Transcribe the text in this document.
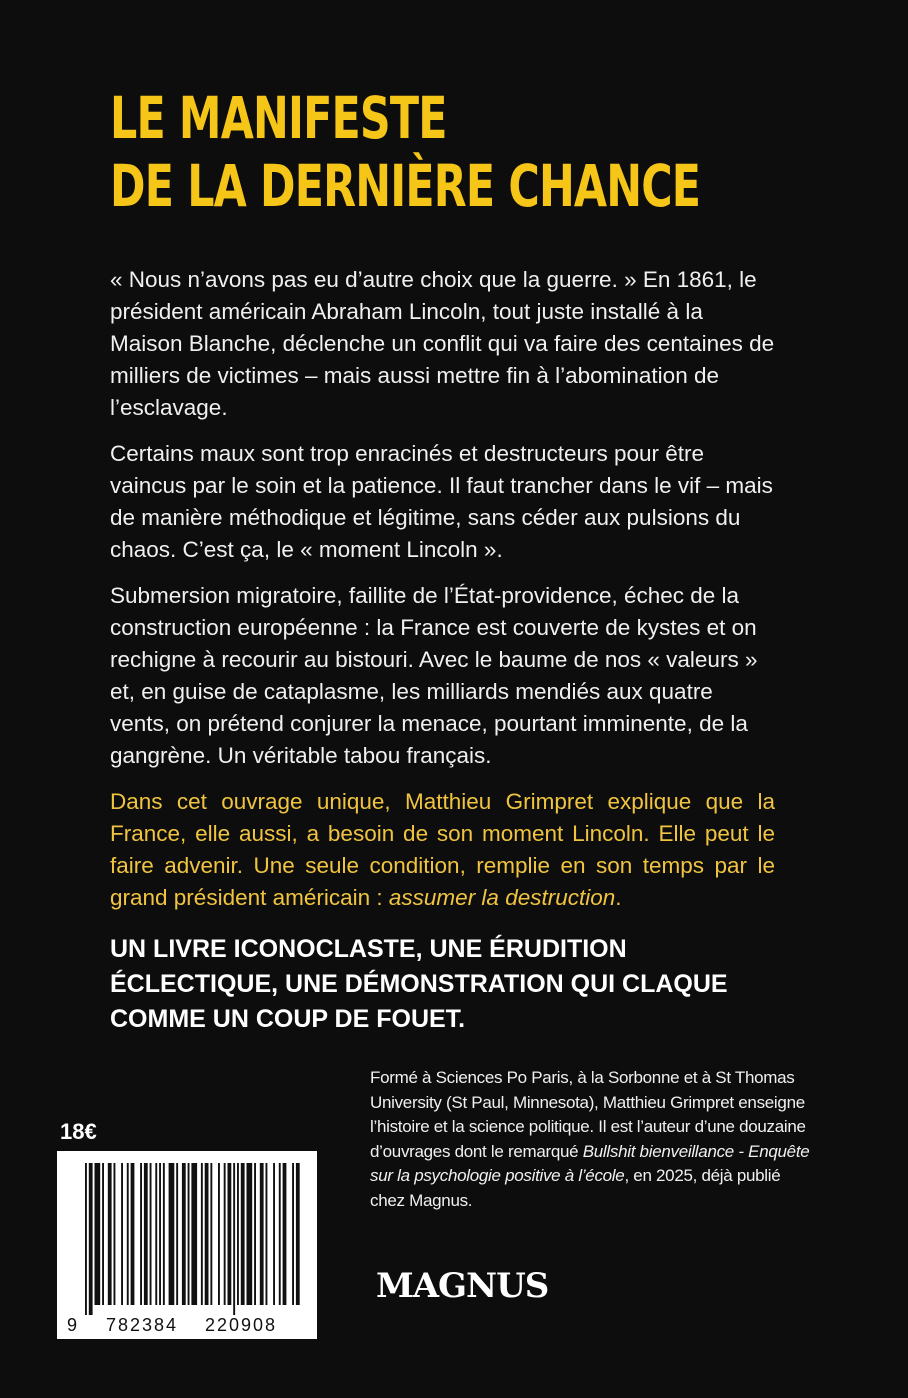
LE MANIFESTE
DE LA DERNIÈRE CHANCE

« Nous n’avons pas eu d’autre choix que la guerre. » En 1861, le président américain Abraham Lincoln, tout juste installé à la Maison Blanche, déclenche un conflit qui va faire des centaines de milliers de victimes – mais aussi mettre fin à l’abomination de l’esclavage.

Certains maux sont trop enracinés et destructeurs pour être vaincus par le soin et la patience. Il faut trancher dans le vif – mais de manière méthodique et légitime, sans céder aux pulsions du chaos. C’est ça, le « moment Lincoln ».

Submersion migratoire, faillite de l’État-providence, échec de la construction européenne : la France est couverte de kystes et on rechigne à recourir au bistouri. Avec le baume de nos « valeurs » et, en guise de cataplasme, les milliards mendiés aux quatre vents, on prétend conjurer la menace, pourtant imminente, de la gangrène. Un véritable tabou français.

Dans cet ouvrage unique, Matthieu Grimpret explique que la France, elle aussi, a besoin de son moment Lincoln. Elle peut le faire advenir. Une seule condition, remplie en son temps par le grand président américain : assumer la destruction.

UN LIVRE ICONOCLASTE, UNE ÉRUDITION
ÉCLECTIQUE, UNE DÉMONSTRATION QUI CLAQUE
COMME UN COUP DE FOUET.
Formé à Sciences Po Paris, à la Sorbonne et à St Thomas University (St Paul, Minnesota), Matthieu Grimpret enseigne l’histoire et la science politique. Il est l’auteur d’une douzaine d’ouvrages dont le remarqué Bullshit bienveillance - Enquête sur la psychologie positive à l’école, en 2025, déjà publié chez Magnus.
18€
9 782384 220908
MAGNUS
